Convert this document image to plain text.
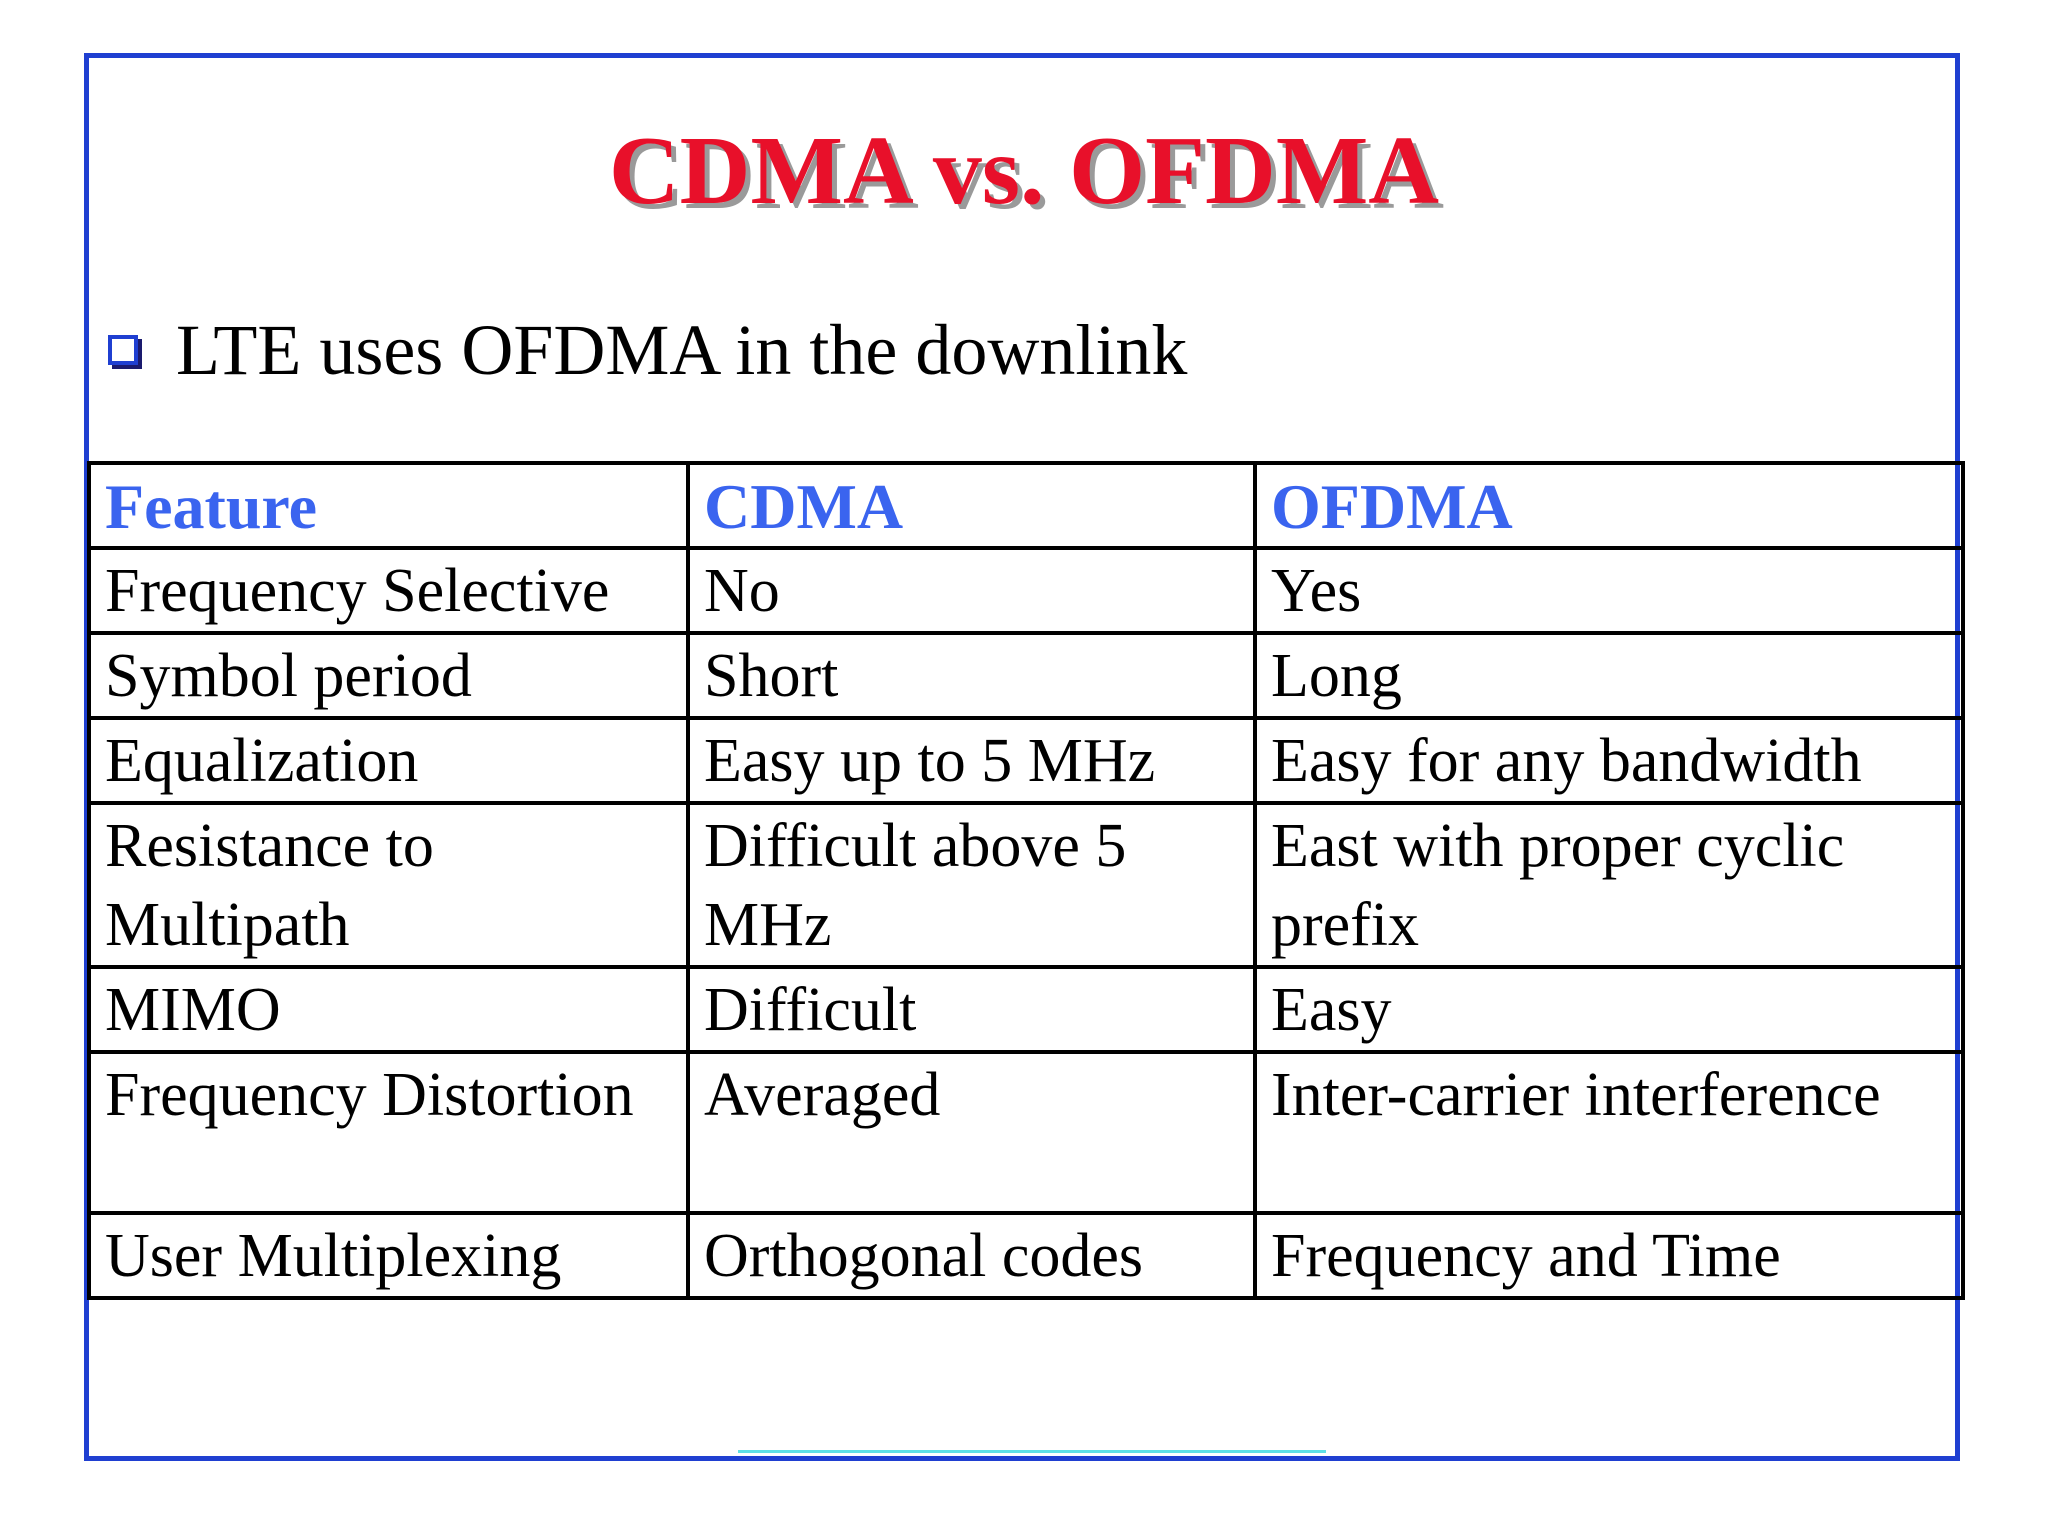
CDMA vs. OFDMA
LTE uses OFDMA in the downlink
Feature	CDMA	OFDMA
Frequency Selective	No	Yes
Symbol period	Short	Long
Equalization	Easy up to 5 MHz	Easy for any bandwidth
Resistance to Multipath	Difficult above 5 MHz	East with proper cyclic prefix
MIMO	Difficult	Easy
Frequency Distortion	Averaged	Inter-carrier interference
User Multiplexing	Orthogonal codes	Frequency and Time
